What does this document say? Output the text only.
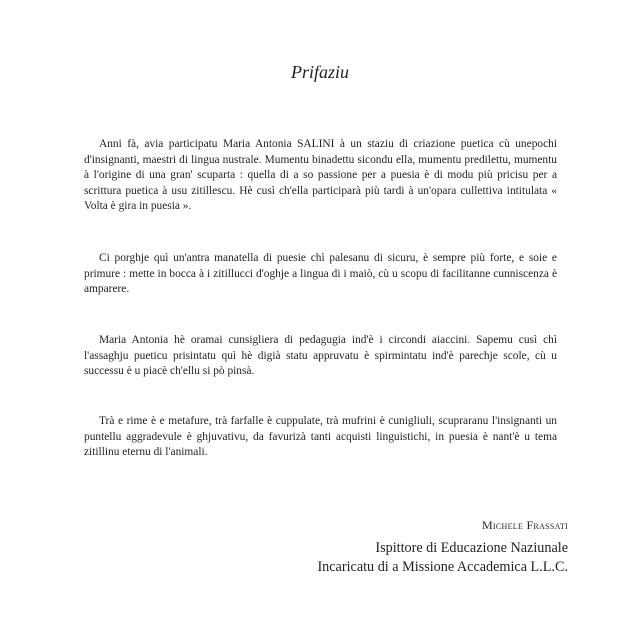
Prifaziu

Anni fà, avia participatu Maria Antonia SALINI à un staziu di criazione puetica cù unepochi d'insignanti, maestri di lingua nustrale. Mumentu binadettu sicondu ella, mumentu predilettu, mumentu à l'origine di una gran' scuparta : quella di a so passione per a puesia è di modu più pricisu per a scrittura puetica à usu zitillescu. Hè cusì ch'ella participarà più tardi à un'opara cullettiva intitulata « Volta è gira in puesia ».

Ci porghje quì un'antra manatella di puesie chì palesanu di sicuru, è sempre più forte, e soie e primure : mette in bocca à i zitillucci d'oghje a lingua di i maiò, cù u scopu di facilitanne cunniscenza è amparere.

Maria Antonia hè oramai cunsigliera di pedagugia ind'è i circondi aiaccini. Sapemu cusì chì l'assaghju pueticu prisintatu quì hè digià statu appruvatu è spirmintatu ind'è parechje scole, cù u successu è u piacè ch'ellu si pò pinsà.

Trà e rime è e metafure, trà farfalle è cuppulate, trà mufrini è cunigliuli, scupraranu l'insignanti un puntellu aggradevule è ghjuvativu, da favurizà tanti acquisti linguistichi, in puesia è nant'è u tema zitillinu eternu di l'animali.

Michele Frassati

Ispittore di Educazione Naziunale

Incaricatu di a Missione Accademica L.L.C.
